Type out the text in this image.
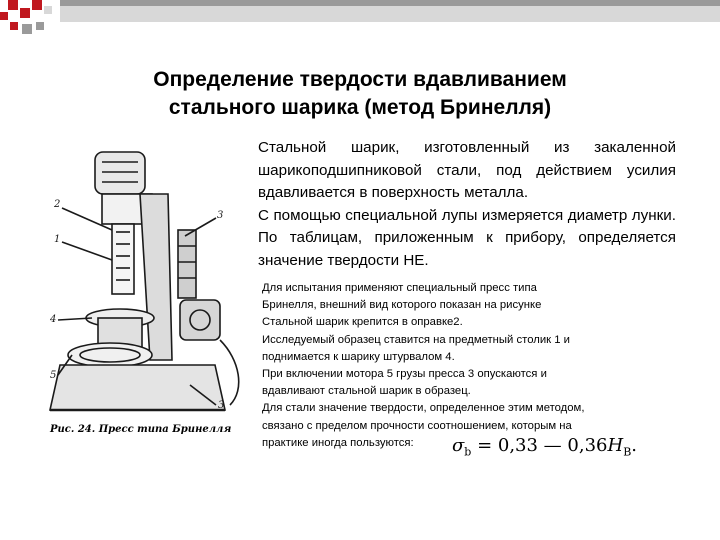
Определение твердости вдавливанием
стального шарика (метод Бринелля)
2
1
3
4
5
3
Рис. 24. Пресс типа Бринелля

Стальной шарик, изготовленный из закаленной шарикоподшипниковой стали, под действием усилия вдавливается в поверхность металла.

С помощью специальной лупы измеряется диаметр лунки. По таблицам, приложенным к прибору, определяется значение твердости НЕ.

Для испытания применяют специальный пресс типа
Бринелля, внешний вид которого показан на рисунке
Стальной шарик крепится в оправке2.
Исследуемый образец ставится на предметный столик 1 и
поднимается к шарику штурвалом 4.
При включении мотора 5 грузы пресса 3 опускаются и
вдавливают стальной шарик в образец.
Для стали значение твердости, определенное этим методом,
связано с пределом прочности соотношением, которым на
практике иногда пользуются:	$\sigma_b = 0,33$ — $0,36H_B$.
